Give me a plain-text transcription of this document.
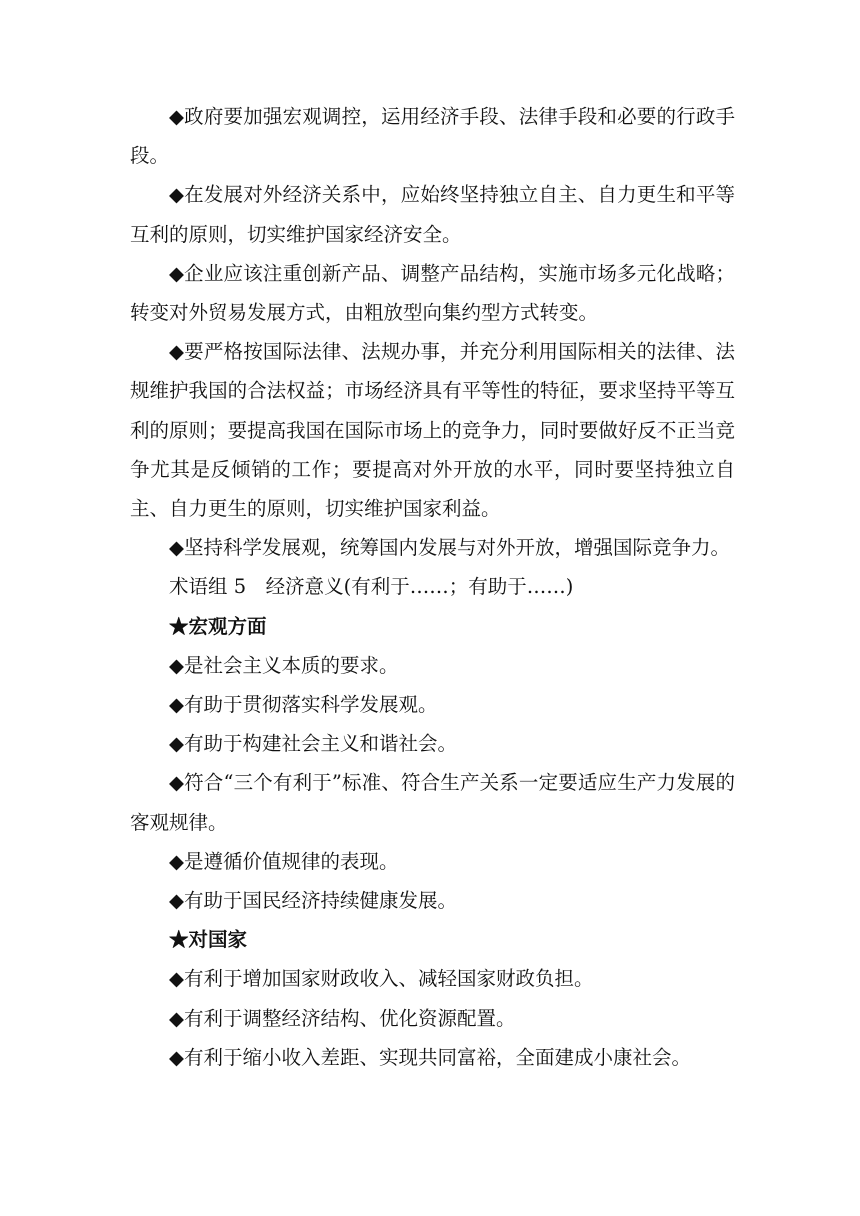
◆政府要加强宏观调控，运用经济手段、法律手段和必要的行政手段。

◆在发展对外经济关系中，应始终坚持独立自主、自力更生和平等互利的原则，切实维护国家经济安全。

◆企业应该注重创新产品、调整产品结构，实施市场多元化战略；转变对外贸易发展方式，由粗放型向集约型方式转变。

◆要严格按国际法律、法规办事，并充分利用国际相关的法律、法规维护我国的合法权益；市场经济具有平等性的特征，要求坚持平等互利的原则；要提高我国在国际市场上的竞争力，同时要做好反不正当竞争尤其是反倾销的工作；要提高对外开放的水平，同时要坚持独立自主、自力更生的原则，切实维护国家利益。

◆坚持科学发展观，统筹国内发展与对外开放，增强国际竞争力。

术语组 5　经济意义(有利于……；有助于……)

★宏观方面

◆是社会主义本质的要求。

◆有助于贯彻落实科学发展观。

◆有助于构建社会主义和谐社会。

◆符合“三个有利于”标准、符合生产关系一定要适应生产力发展的客观规律。

◆是遵循价值规律的表现。

◆有助于国民经济持续健康发展。

★对国家

◆有利于增加国家财政收入、减轻国家财政负担。

◆有利于调整经济结构、优化资源配置。

◆有利于缩小收入差距、实现共同富裕，全面建成小康社会。
